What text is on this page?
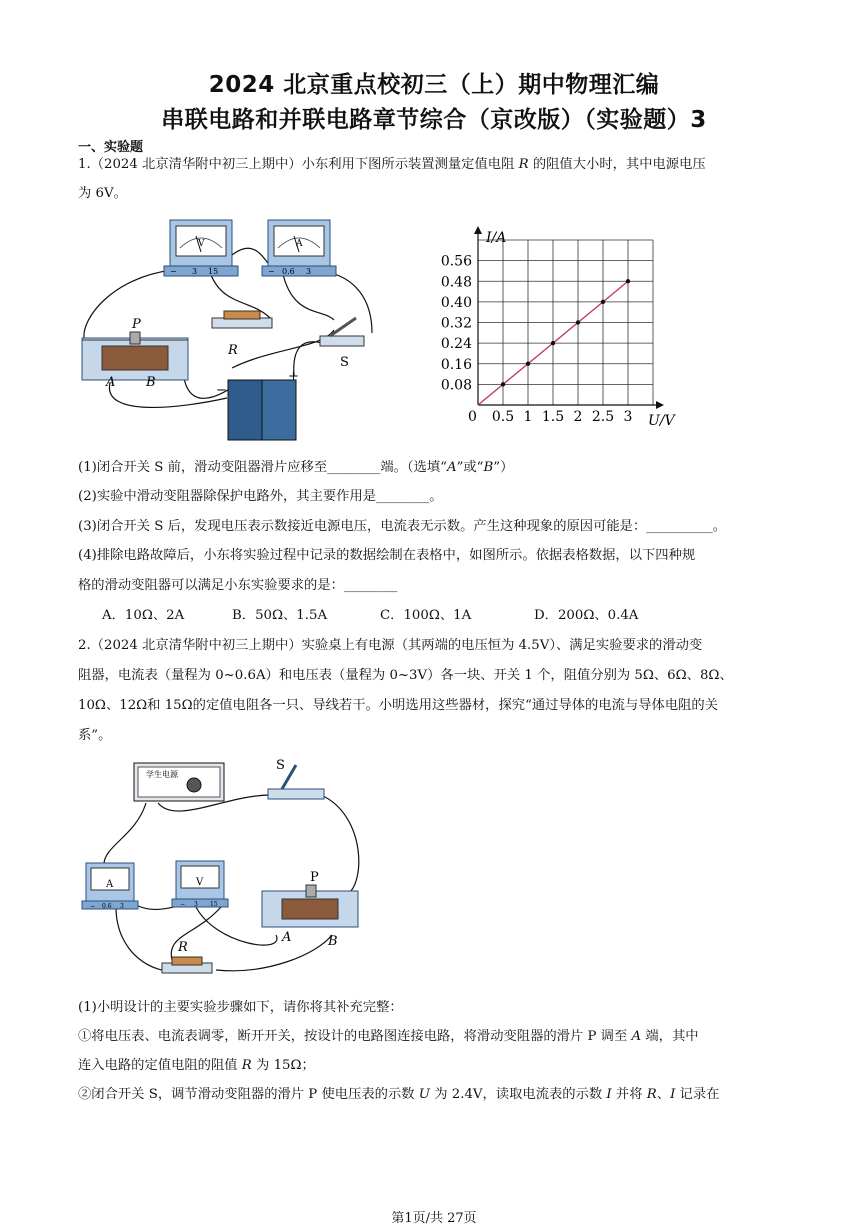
2024 北京重点校初三（上）期中物理汇编
串联电路和并联电路章节综合（京改版）（实验题）3
一、实验题
1.（2024 北京清华附中初三上期中）小东利用下图所示装置测量定值电阻 R 的阻值大小时，其中电源电压
为 6V。
V
− 3 15
A
− 0.6 3
R
S
P
A B
−
+
I/A
U/V
0 0.5 1 1.5 2 2.5 3
0.08
0.16
0.24
0.32
0.40
0.48
0.56
(1)闭合开关 S 前，滑动变阻器滑片应移至________端。（选填“A”或“B”）
(2)实验中滑动变阻器除保护电路外，其主要作用是________。
(3)闭合开关 S 后，发现电压表示数接近电源电压，电流表无示数。产生这种现象的原因可能是：__________。
(4)排除电路故障后，小东将实验过程中记录的数据绘制在表格中，如图所示。依据表格数据，以下四种规
格的滑动变阻器可以满足小东实验要求的是：________
A．10Ω、2A	B．50Ω、1.5A	C．100Ω、1A	D．200Ω、0.4A
2.（2024 北京清华附中初三上期中）实验桌上有电源（其两端的电压恒为 4.5V）、满足实验要求的滑动变
阻器，电流表（量程为 0~0.6A）和电压表（量程为 0~3V）各一块、开关 1 个，阻值分别为 5Ω、6Ω、8Ω、
10Ω、12Ω和 15Ω的定值电阻各一只、导线若干。小明选用这些器材，探究“通过导体的电流与导体电阻的关
系”。
学生电源
S
A
− 0.6 3
V
− 3 15
P
A	B
R
(1)小明设计的主要实验步骤如下，请你将其补充完整：
①将电压表、电流表调零，断开开关，按设计的电路图连接电路，将滑动变阻器的滑片 P 调至 A 端，其中
连入电路的定值电阻的阻值 R 为 15Ω；
②闭合开关 S，调节滑动变阻器的滑片 P 使电压表的示数 U 为 2.4V，读取电流表的示数 I 并将 R、I 记录在
第1页/共 27页
